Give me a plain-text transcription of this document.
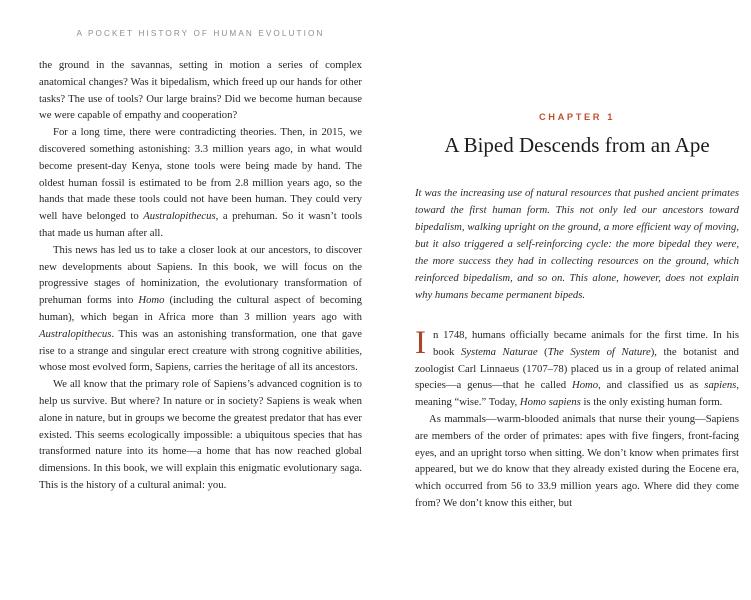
A POCKET HISTORY OF HUMAN EVOLUTION

the ground in the savannas, setting in motion a series of complex anatomical changes? Was it bipedalism, which freed up our hands for other tasks? The use of tools? Our large brains? Did we become human because we were capable of empathy and cooperation?

For a long time, there were contradicting theories. Then, in 2015, we discovered something astonishing: 3.3 million years ago, in what would become present-day Kenya, stone tools were being made by hand. The oldest human fossil is estimated to be from 2.8 million years ago, so the hands that made these tools could not have been human. They could very well have belonged to Australopithecus, a prehuman. So it wasn’t tools that made us human after all.

This news has led us to take a closer look at our ancestors, to discover new developments about Sapiens. In this book, we will focus on the progressive stages of hominization, the evolutionary transformation of prehuman forms into Homo (including the cultural aspect of becoming human), which began in Africa more than 3 million years ago with Australopithecus. This was an astonishing transformation, one that gave rise to a strange and singular erect creature with strong cognitive abilities, whose most evolved form, Sapiens, carries the heritage of all its ancestors.

We all know that the primary role of Sapiens’s advanced cognition is to help us survive. But where? In nature or in society? Sapiens is weak when alone in nature, but in groups we become the greatest predator that has ever existed. This seems ecologically impossible: a ubiquitous species that has transformed nature into its home—a home that has now reached global dimensions. In this book, we will explain this enigmatic evolutionary saga. This is the history of a cultural animal: you.

CHAPTER 1
A Biped Descends from an Ape
It was the increasing use of natural resources that pushed ancient primates toward the first human form. This not only led our ancestors toward bipedalism, walking upright on the ground, a more efficient way of moving, but it also triggered a self-reinforcing cycle: the more bipedal they were, the more success they had in collecting resources on the ground, which reinforced bipedalism, and so on. This alone, however, does not explain why humans became permanent bipeds.

In 1748, humans officially became animals for the first time. In his book Systema Naturae (The System of Nature), the botanist and zoologist Carl Linnaeus (1707–78) placed us in a group of related animal species—a genus—that he called Homo, and classified us as sapiens, meaning “wise.” Today, Homo sapiens is the only existing human form.

As mammals—warm-blooded animals that nurse their young—Sapiens are members of the order of primates: apes with five fingers, front-facing eyes, and an upright torso when sitting. We don’t know when primates first appeared, but we do know that they already existed during the Eocene era, which occurred from 56 to 33.9 million years ago. Where did they come from? We don’t know this either, but
